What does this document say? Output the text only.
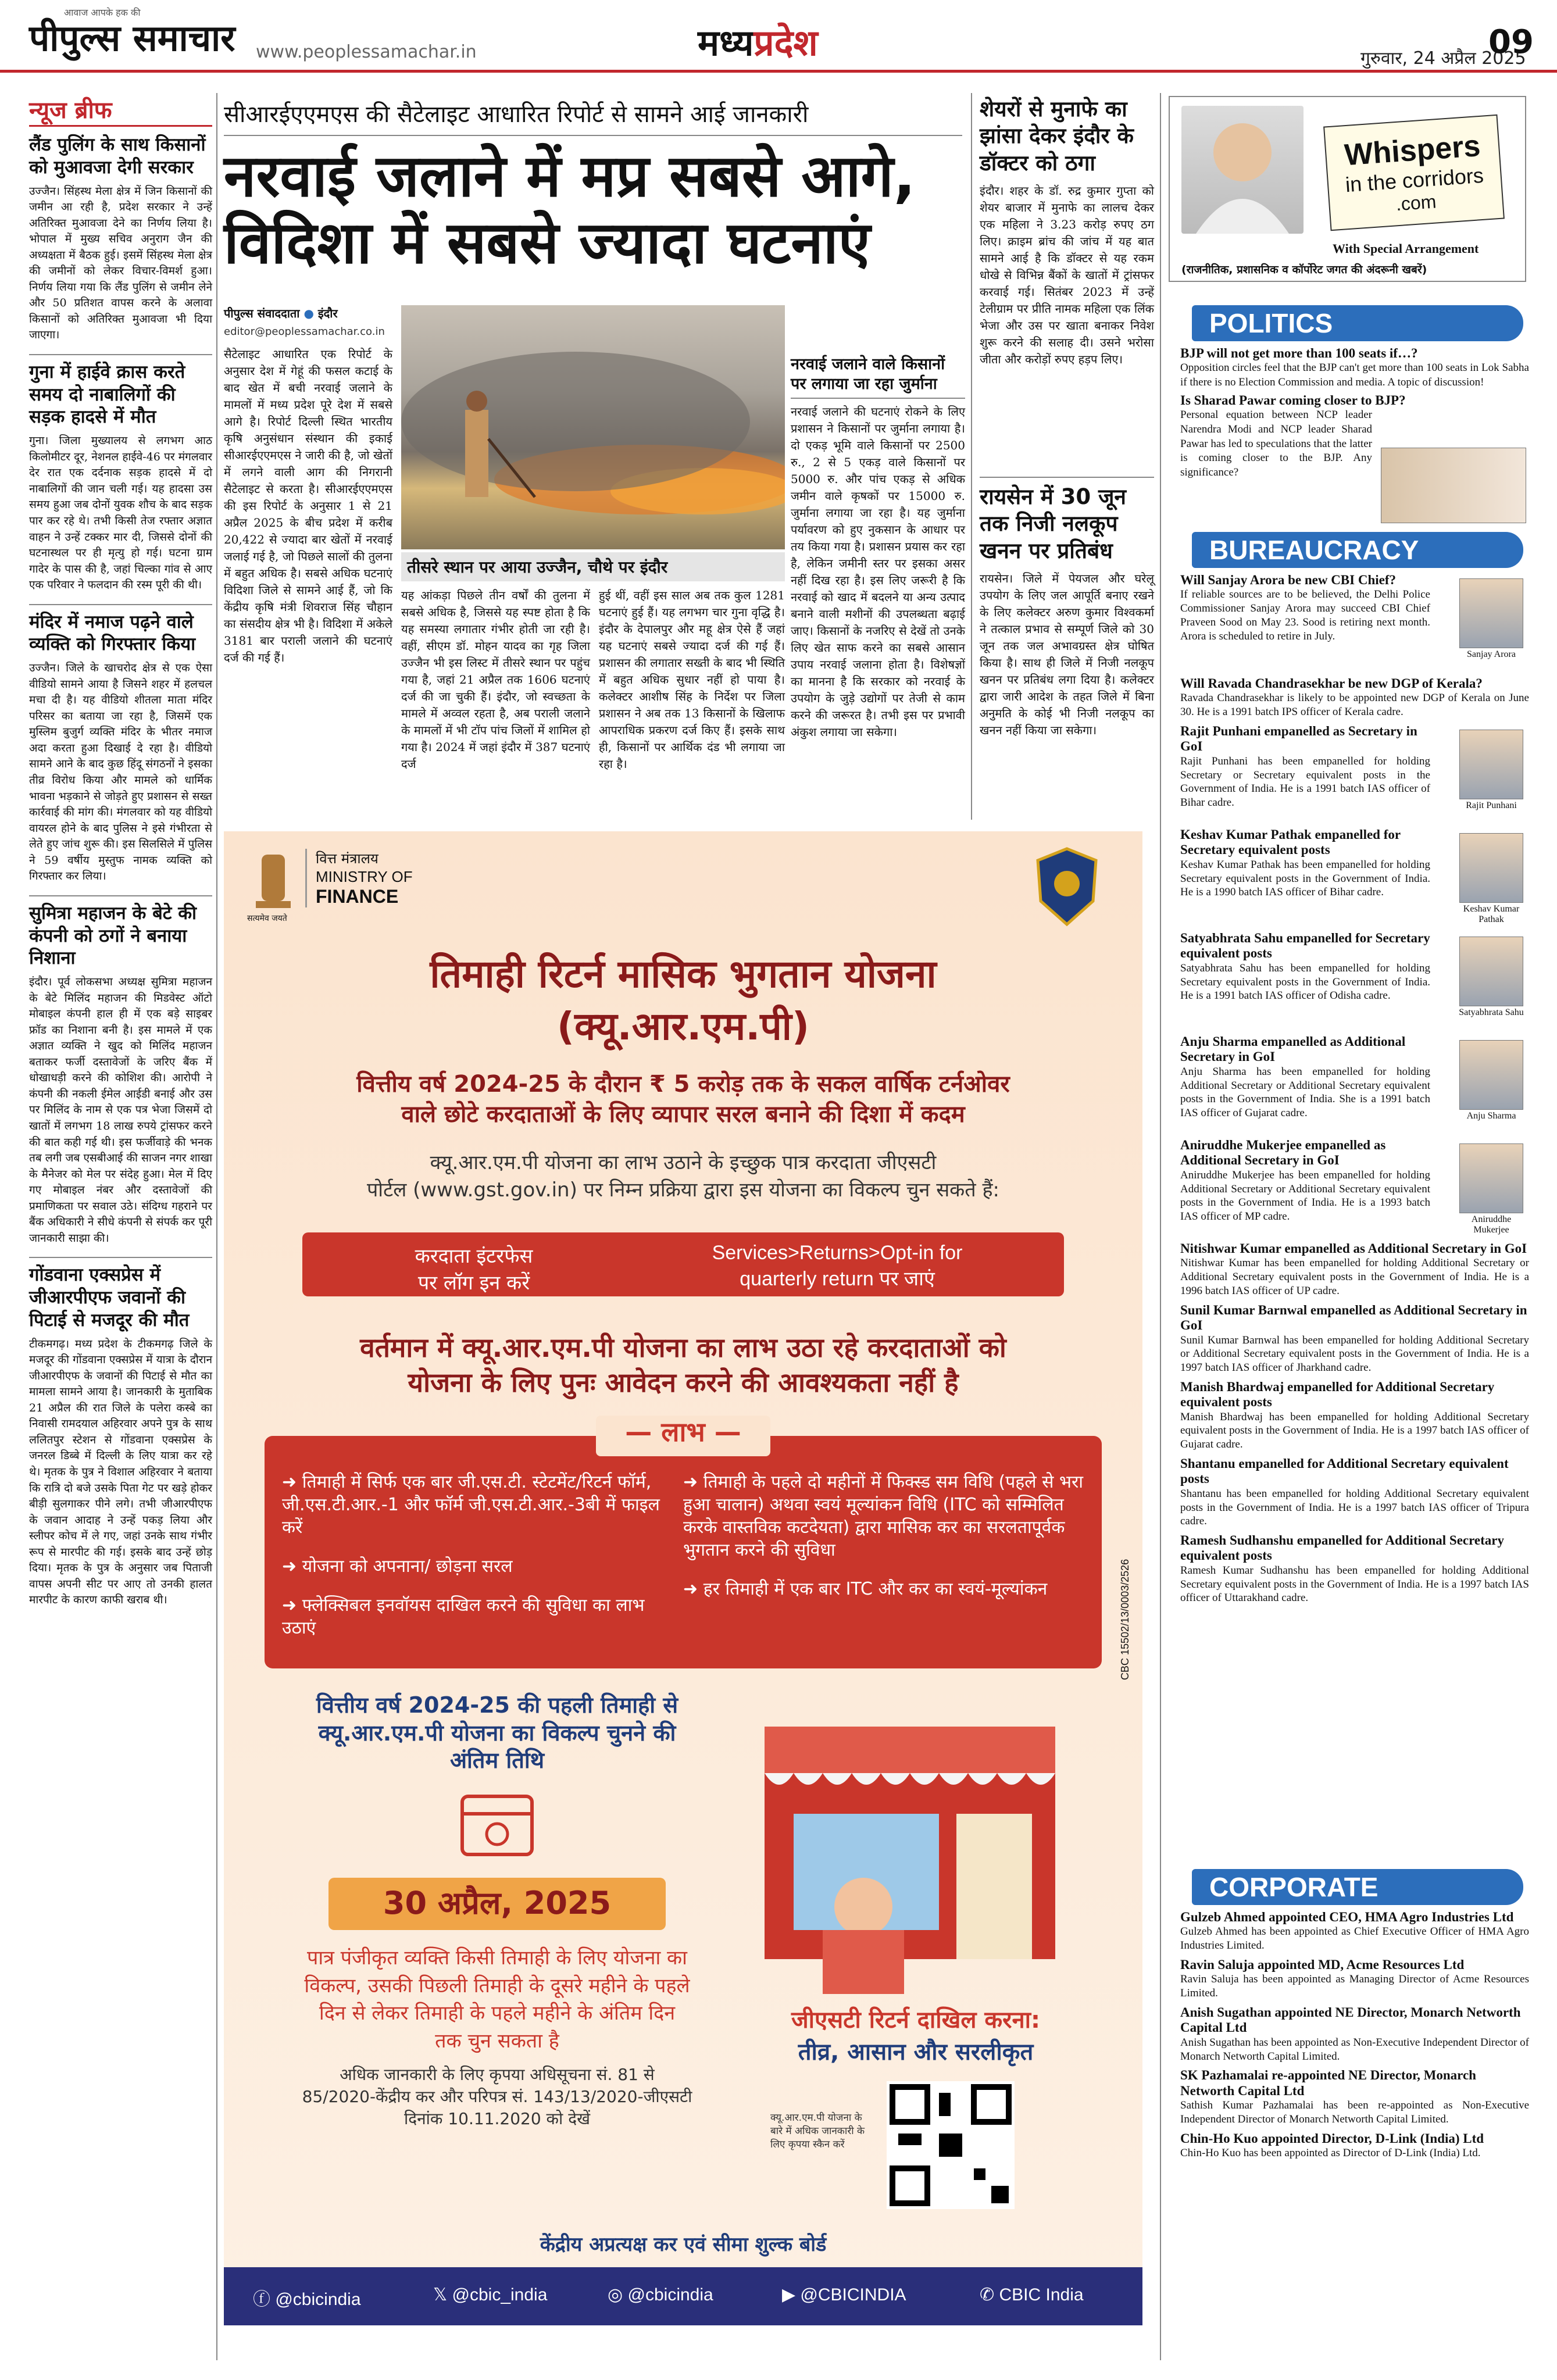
आवाज आपके हक की
पीपुल्स समाचार www.peoplessamachar.in	मध्यप्रदेश	गुरुवार, 24 अप्रैल 2025
09
न्यूज ब्रीफ
लैंड पुलिंग के साथ किसानों को मुआवजा देगी सरकार

उज्जैन। सिंहस्थ मेला क्षेत्र में जिन किसानों की जमीन आ रही है, प्रदेश सरकार ने उन्हें अतिरिक्त मुआवजा देने का निर्णय लिया है। भोपाल में मुख्य सचिव अनुराग जैन की अध्यक्षता में बैठक हुई। इसमें सिंहस्थ मेला क्षेत्र की जमीनों को लेकर विचार-विमर्श हुआ। निर्णय लिया गया कि लैंड पुलिंग से जमीन लेने और 50 प्रतिशत वापस करने के अलावा किसानों को अतिरिक्त मुआवजा भी दिया जाएगा।

गुना में हाईवे क्रास करते समय दो नाबालिगों की सड़क हादसे में मौत

गुना। जिला मुख्यालय से लगभग आठ किलोमीटर दूर, नेशनल हाईवे-46 पर मंगलवार देर रात एक दर्दनाक सड़क हादसे में दो नाबालिगों की जान चली गई। यह हादसा उस समय हुआ जब दोनों युवक शौच के बाद सड़क पार कर रहे थे। तभी किसी तेज रफ्तार अज्ञात वाहन ने उन्हें टक्कर मार दी, जिससे दोनों की घटनास्थल पर ही मृत्यु हो गई। घटना ग्राम गादेर के पास की है, जहां चिल्का गांव से आए एक परिवार ने फलदान की रस्म पूरी की थी।

मंदिर में नमाज पढ़ने वाले व्यक्ति को गिरफ्तार किया

उज्जैन। जिले के खाचरोद क्षेत्र से एक ऐसा वीडियो सामने आया है जिसने शहर में हलचल मचा दी है। यह वीडियो शीतला माता मंदिर परिसर का बताया जा रहा है, जिसमें एक मुस्लिम बुजुर्ग व्यक्ति मंदिर के भीतर नमाज अदा करता हुआ दिखाई दे रहा है। वीडियो सामने आने के बाद कुछ हिंदू संगठनों ने इसका तीव्र विरोध किया और मामले को धार्मिक भावना भड़काने से जोड़ते हुए प्रशासन से सख्त कार्रवाई की मांग की। मंगलवार को यह वीडियो वायरल होने के बाद पुलिस ने इसे गंभीरता से लेते हुए जांच शुरू की। इस सिलसिले में पुलिस ने 59 वर्षीय मुस्तुफ नामक व्यक्ति को गिरफ्तार कर लिया।

सुमित्रा महाजन के बेटे की कंपनी को ठगों ने बनाया निशाना

इंदौर। पूर्व लोकसभा अध्यक्ष सुमित्रा महाजन के बेटे मिलिंद महाजन की मिडवेस्ट ऑटो मोबाइल कंपनी हाल ही में एक बड़े साइबर फ्रॉड का निशाना बनी है। इस मामले में एक अज्ञात व्यक्ति ने खुद को मिलिंद महाजन बताकर फर्जी दस्तावेजों के जरिए बैंक में धोखाधड़ी करने की कोशिश की। आरोपी ने कंपनी की नकली ईमेल आईडी बनाई और उस पर मिलिंद के नाम से एक पत्र भेजा जिसमें दो खातों में लगभग 18 लाख रुपये ट्रांसफर करने की बात कही गई थी। इस फर्जीवाड़े की भनक तब लगी जब एसबीआई की साजन नगर शाखा के मैनेजर को मेल पर संदेह हुआ। मेल में दिए गए मोबाइल नंबर और दस्तावेजों की प्रमाणिकता पर सवाल उठे। संदिग्ध गहराने पर बैंक अधिकारी ने सीधे कंपनी से संपर्क कर पूरी जानकारी साझा की।

गोंडवाना एक्सप्रेस में जीआरपीएफ जवानों की पिटाई से मजदूर की मौत

टीकमगढ़। मध्य प्रदेश के टीकमगढ़ जिले के मजदूर की गोंडवाना एक्सप्रेस में यात्रा के दौरान जीआरपीएफ के जवानों की पिटाई से मौत का मामला सामने आया है। जानकारी के मुताबिक 21 अप्रैल की रात जिले के पलेरा कस्बे का निवासी रामदयाल अहिरवार अपने पुत्र के साथ ललितपुर स्टेशन से गोंडवाना एक्सप्रेस के जनरल डिब्बे में दिल्ली के लिए यात्रा कर रहे थे। मृतक के पुत्र ने विशाल अहिरवार ने बताया कि रात्रि दो बजे उसके पिता गेट पर खड़े होकर बीड़ी सुलगाकर पीने लगे। तभी जीआरपीएफ के जवान आदाह ने उन्हें पकड़ लिया और स्लीपर कोच में ले गए, जहां उनके साथ गंभीर रूप से मारपीट की गई। इसके बाद उन्हें छोड़ दिया। मृतक के पुत्र के अनुसार जब पिताजी वापस अपनी सीट पर आए तो उनकी हालत मारपीट के कारण काफी खराब थी।

सीआरईएएमएस की सैटेलाइट आधारित रिपोर्ट से सामने आई जानकारी
नरवाई जलाने में मप्र सबसे आगे,
विदिशा में सबसे ज्यादा घटनाएं
पीपुल्स संवाददाता ● इंदौर
editor@peoplessamachar.co.in

सैटेलाइट आधारित एक रिपोर्ट के अनुसार देश में गेहूं की फसल कटाई के बाद खेत में बची नरवाई जलाने के मामलों में मध्य प्रदेश पूरे देश में सबसे आगे है। रिपोर्ट दिल्ली स्थित भारतीय कृषि अनुसंधान संस्थान की इकाई सीआरईएएमएस ने जारी की है, जो खेतों में लगने वाली आग की निगरानी सैटेलाइट से करता है। सीआरईएएमएस की इस रिपोर्ट के अनुसार 1 से 21 अप्रैल 2025 के बीच प्रदेश में करीब 20,422 से ज्यादा बार खेतों में नरवाई जलाई गई है, जो पिछले सालों की तुलना में बहुत अधिक है। सबसे अधिक घटनाएं विदिशा जिले से सामने आई हैं, जो कि केंद्रीय कृषि मंत्री शिवराज सिंह चौहान का संसदीय क्षेत्र भी है। विदिशा में अकेले 3181 बार पराली जलाने की घटनाएं दर्ज की गई हैं।

तीसरे स्थान पर आया उज्जैन, चौथे पर इंदौर

यह आंकड़ा पिछले तीन वर्षों की तुलना में सबसे अधिक है, जिससे यह स्पष्ट होता है कि यह समस्या लगातार गंभीर होती जा रही है। वहीं, सीएम डॉ. मोहन यादव का गृह जिला उज्जैन भी इस लिस्ट में तीसरे स्थान पर पहुंच गया है, जहां 21 अप्रैल तक 1606 घटनाएं दर्ज की जा चुकी हैं। इंदौर, जो स्वच्छता के मामले में अव्वल रहता है, अब पराली जलाने के मामलों में भी टॉप पांच जिलों में शामिल हो गया है। 2024 में जहां इंदौर में 387 घटनाएं दर्ज

हुई थीं, वहीं इस साल अब तक कुल 1281 घटनाएं हुई हैं। यह लगभग चार गुना वृद्धि है। इंदौर के देपालपुर और महू क्षेत्र ऐसे हैं जहां यह घटनाएं सबसे ज्यादा दर्ज की गई हैं। प्रशासन की लगातार सख्ती के बाद भी स्थिति में बहुत अधिक सुधार नहीं हो पाया है। कलेक्टर आशीष सिंह के निर्देश पर जिला प्रशासन ने अब तक 13 किसानों के खिलाफ आपराधिक प्रकरण दर्ज किए हैं। इसके साथ ही, किसानों पर आर्थिक दंड भी लगाया जा रहा है।

नरवाई जलाने वाले किसानों पर लगाया जा रहा जुर्माना

नरवाई जलाने की घटनाएं रोकने के लिए प्रशासन ने किसानों पर जुर्माना लगाया है। दो एकड़ भूमि वाले किसानों पर 2500 रु., 2 से 5 एकड़ वाले किसानों पर 5000 रु. और पांच एकड़ से अधिक जमीन वाले कृषकों पर 15000 रु. जुर्माना लगाया जा रहा है। यह जुर्माना पर्यावरण को हुए नुकसान के आधार पर तय किया गया है। प्रशासन प्रयास कर रहा है, लेकिन जमीनी स्तर पर इसका असर नहीं दिख रहा है। इस लिए जरूरी है कि नरवाई को खाद में बदलने या अन्य उत्पाद बनाने वाली मशीनों की उपलब्धता बढ़ाई जाए। किसानों के नजरिए से देखें तो उनके लिए खेत साफ करने का सबसे आसान उपाय नरवाई जलाना होता है। विशेषज्ञों का मानना है कि सरकार को नरवाई के उपयोग के जुड़े उद्योगों पर तेजी से काम करने की जरूरत है। तभी इस पर प्रभावी अंकुश लगाया जा सकेगा।

शेयरों से मुनाफे का झांसा देकर इंदौर के डॉक्टर को ठगा

इंदौर। शहर के डॉ. रुद्र कुमार गुप्ता को शेयर बाजार में मुनाफे का लालच देकर एक महिला ने 3.23 करोड़ रुपए ठग लिए। क्राइम ब्रांच की जांच में यह बात सामने आई है कि डॉक्टर से यह रकम धोखे से विभिन्न बैंकों के खातों में ट्रांसफर करवाई गई। सितंबर 2023 में उन्हें टेलीग्राम पर प्रीति नामक महिला एक लिंक भेजा और उस पर खाता बनाकर निवेश शुरू करने की सलाह दी। उसने भरोसा जीता और करोड़ों रुपए हड़प लिए।

रायसेन में 30 जून तक निजी नलकूप खनन पर प्रतिबंध

रायसेन। जिले में पेयजल और घरेलू उपयोग के लिए जल आपूर्ति बनाए रखने के लिए कलेक्टर अरुण कुमार विश्वकर्मा ने तत्काल प्रभाव से सम्पूर्ण जिले को 30 जून तक जल अभावग्रस्त क्षेत्र घोषित किया है। साथ ही जिले में निजी नलकूप खनन पर प्रतिबंध लगा दिया है। कलेक्टर द्वारा जारी आदेश के तहत जिले में बिना अनुमति के कोई भी निजी नलकूप का खनन नहीं किया जा सकेगा।

सत्यमेव जयते
वित्त मंत्रालय
MINISTRY OF
FINANCE
तिमाही रिटर्न मासिक भुगतान योजना
(क्यू.आर.एम.पी)
वित्तीय वर्ष 2024-25 के दौरान ₹ 5 करोड़ तक के सकल वार्षिक टर्नओवर
वाले छोटे करदाताओं के लिए व्यापार सरल बनाने की दिशा में कदम
क्यू.आर.एम.पी योजना का लाभ उठाने के इच्छुक पात्र करदाता जीएसटी
पोर्टल (www.gst.gov.in) पर निम्न प्रक्रिया द्वारा इस योजना का विकल्प चुन सकते हैं:
करदाता इंटरफेस
पर लॉग इन करें
Services>Returns>Opt-in for
quarterly return पर जाएं
वर्तमान में क्यू.आर.एम.पी योजना का लाभ उठा रहे करदाताओं को
योजना के लिए पुनः आवेदन करने की आवश्यकता नहीं है
— लाभ —
➜ तिमाही में सिर्फ एक बार जी.एस.टी. स्टेटमेंट/रिटर्न फॉर्म, जी.एस.टी.आर.-1 और फॉर्म जी.एस.टी.आर.-3बी में फाइल करें
➜ योजना को अपनाना/ छोड़ना सरल
➜ फ्लेक्सिबल इनवॉयस दाखिल करने की सुविधा का लाभ उठाएं
➜ तिमाही के पहले दो महीनों में फिक्स्ड सम विधि (पहले से भरा हुआ चालान) अथवा स्वयं मूल्यांकन विधि (ITC को सम्मिलित करके वास्तविक कटदेयता) द्वारा मासिक कर का सरलतापूर्वक भुगतान करने की सुविधा
➜ हर तिमाही में एक बार ITC और कर का स्वयं-मूल्यांकन
वित्तीय वर्ष 2024-25 की पहली तिमाही से
क्यू.आर.एम.पी योजना का विकल्प चुनने की
अंतिम तिथि
30 अप्रैल, 2025
पात्र पंजीकृत व्यक्ति किसी तिमाही के लिए योजना का
विकल्प, उसकी पिछली तिमाही के दूसरे महीने के पहले
दिन से लेकर तिमाही के पहले महीने के अंतिम दिन
तक चुन सकता है
अधिक जानकारी के लिए कृपया अधिसूचना सं. 81 से
85/2020-केंद्रीय कर और परिपत्र सं. 143/13/2020-जीएसटी
दिनांक 10.11.2020 को देखें
CBC 15502/13/0003/2526
जीएसटी रिटर्न दाखिल करना:
तीव्र, आसान और सरलीकृत
क्यू.आर.एम.पी योजना के बारे में अधिक जानकारी के लिए कृपया स्कैन करें
केंद्रीय अप्रत्यक्ष कर एवं सीमा शुल्क बोर्ड
ⓕ @cbicindia	𝕏 @cbic_india	◎ @cbicindia	▶ @CBICINDIA	✆ CBIC India
Whispers
in the corridors
.com
With Special Arrangement
(राजनीतिक, प्रशासनिक व कॉर्पोरेट जगत की अंदरूनी खबरें)
POLITICS
BJP will not get more than 100 seats if…?

Opposition circles feel that the BJP can't get more than 100 seats in Lok Sabha if there is no Election Commission and media. A topic of discussion!

Is Sharad Pawar coming closer to BJP?

Personal equation between NCP leader Narendra Modi and NCP leader Sharad Pawar has led to speculations that the latter is coming closer to the BJP. Any significance?

BUREAUCRACY
Will Sanjay Arora be new CBI Chief?

If reliable sources are to be believed, the Delhi Police Commissioner Sanjay Arora may succeed CBI Chief Praveen Sood on May 23. Sood is retiring next month. Arora is scheduled to retire in July.

Sanjay Arora
Will Ravada Chandrasekhar be new DGP of Kerala?

Ravada Chandrasekhar is likely to be appointed new DGP of Kerala on June 30. He is a 1991 batch IPS officer of Kerala cadre.

Rajit Punhani empanelled as Secretary in GoI

Rajit Punhani has been empanelled for holding Secretary or Secretary equivalent posts in the Government of India. He is a 1991 batch IAS officer of Bihar cadre.	Rajit Punhani
Keshav Kumar Pathak empanelled for Secretary equivalent posts

Keshav Kumar Pathak has been empanelled for holding Secretary equivalent posts in the Government of India. He is a 1990 batch IAS officer of Bihar cadre.

Keshav Kumar Pathak
Satyabhrata Sahu empanelled for Secretary equivalent posts

Satyabhrata Sahu has been empanelled for holding Secretary equivalent posts in the Government of India. He is a 1991 batch IAS officer of Odisha cadre.

Satyabhrata Sahu
Anju Sharma empanelled as Additional Secretary in GoI

Anju Sharma has been empanelled for holding Additional Secretary or Additional Secretary equivalent posts in the Government of India. She is a 1991 batch IAS officer of Gujarat cadre.	Anju Sharma
Aniruddhe Mukerjee empanelled as Additional Secretary in GoI

Aniruddhe Mukerjee has been empanelled for holding Additional Secretary or Additional Secretary equivalent posts in the Government of India. He is a 1993 batch IAS officer of MP cadre.	Aniruddhe Mukerjee
Nitishwar Kumar empanelled as Additional Secretary in GoI

Nitishwar Kumar has been empanelled for holding Additional Secretary or Additional Secretary equivalent posts in the Government of India. He is a 1996 batch IAS officer of UP cadre.

Sunil Kumar Barnwal empanelled as Additional Secretary in GoI

Sunil Kumar Barnwal has been empanelled for holding Additional Secretary or Additional Secretary equivalent posts in the Government of India. He is a 1997 batch IAS officer of Jharkhand cadre.

Manish Bhardwaj empanelled for Additional Secretary equivalent posts

Manish Bhardwaj has been empanelled for holding Additional Secretary equivalent posts in the Government of India. He is a 1997 batch IAS officer of Gujarat cadre.

Shantanu empanelled for Additional Secretary equivalent posts

Shantanu has been empanelled for holding Additional Secretary equivalent posts in the Government of India. He is a 1997 batch IAS officer of Tripura cadre.

Ramesh Sudhanshu empanelled for Additional Secretary equivalent posts

Ramesh Kumar Sudhanshu has been empanelled for holding Additional Secretary equivalent posts in the Government of India. He is a 1997 batch IAS officer of Uttarakhand cadre.

CORPORATE
Gulzeb Ahmed appointed CEO, HMA Agro Industries Ltd

Gulzeb Ahmed has been appointed as Chief Executive Officer of HMA Agro Industries Limited.

Ravin Saluja appointed MD, Acme Resources Ltd

Ravin Saluja has been appointed as Managing Director of Acme Resources Limited.

Anish Sugathan appointed NE Director, Monarch Networth Capital Ltd

Anish Sugathan has been appointed as Non-Executive Independent Director of Monarch Networth Capital Limited.

SK Pazhamalai re-appointed NE Director, Monarch Networth Capital Ltd

Sathish Kumar Pazhamalai has been re-appointed as Non-Executive Independent Director of Monarch Networth Capital Limited.

Chin-Ho Kuo appointed Director, D-Link (India) Ltd

Chin-Ho Kuo has been appointed as Director of D-Link (India) Ltd.
